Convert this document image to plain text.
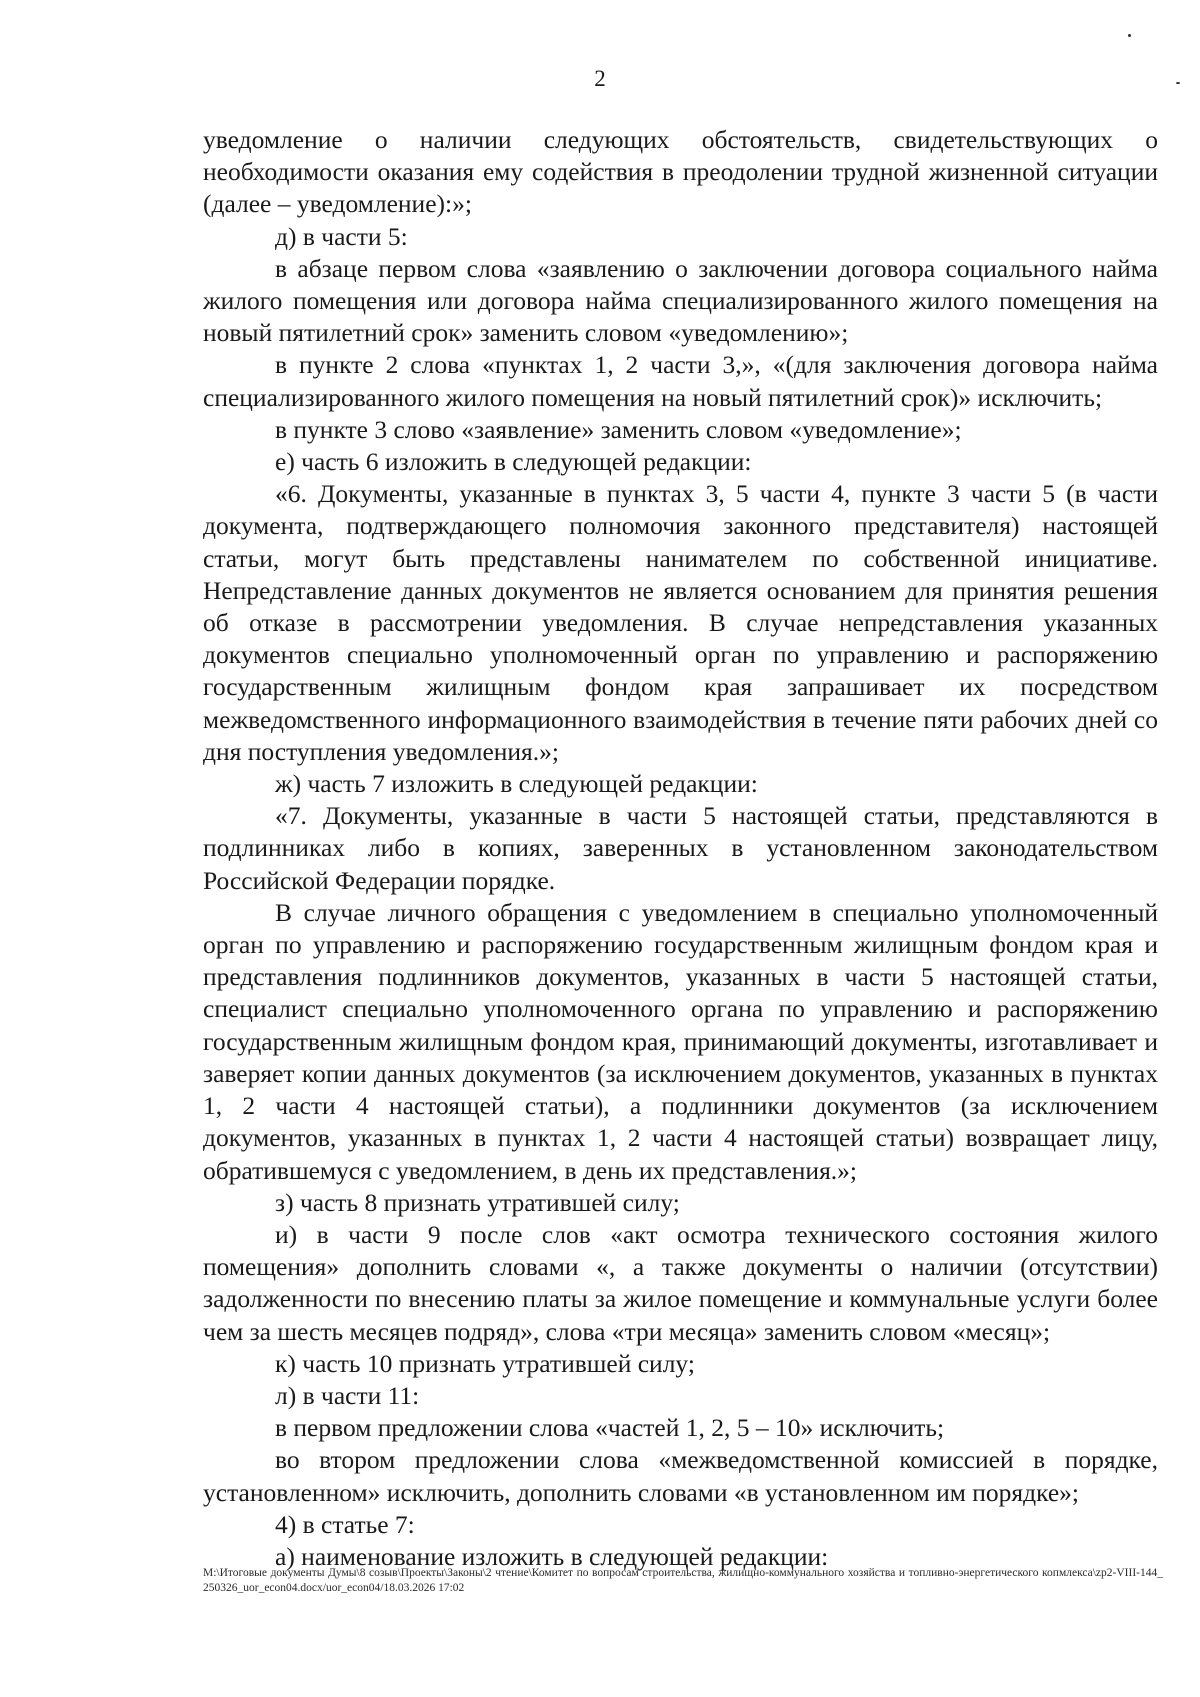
2

уведомление о наличии следующих обстоятельств, свидетельствующих о необходимости оказания ему содействия в преодолении трудной жизненной ситуации (далее – уведомление):»;

д) в части 5:

в абзаце первом слова «заявлению о заключении договора социального найма жилого помещения или договора найма специализированного жилого помещения на новый пятилетний срок» заменить словом «уведомлению»;

в пункте 2 слова «пунктах 1, 2 части 3,», «(для заключения договора найма специализированного жилого помещения на новый пятилетний срок)» исключить;

в пункте 3 слово «заявление» заменить словом «уведомление»;

е) часть 6 изложить в следующей редакции:

«6. Документы, указанные в пунктах 3, 5 части 4, пункте 3 части 5 (в части документа, подтверждающего полномочия законного представителя) настоящей статьи, могут быть представлены нанимателем по собственной инициативе. Непредставление данных документов не является основанием для принятия решения об отказе в рассмотрении уведомления. В случае непредставления указанных документов специально уполномоченный орган по управлению и распоряжению государственным жилищным фондом края запрашивает их посредством межведомственного информационного взаимодействия в течение пяти рабочих дней со дня поступления уведомления.»;

ж) часть 7 изложить в следующей редакции:

«7. Документы, указанные в части 5 настоящей статьи, представляются в подлинниках либо в копиях, заверенных в установленном законодательством Российской Федерации порядке.

В случае личного обращения с уведомлением в специально уполномоченный орган по управлению и распоряжению государственным жилищным фондом края и представления подлинников документов, указанных в части 5 настоящей статьи, специалист специально уполномоченного органа по управлению и распоряжению государственным жилищным фондом края, принимающий документы, изготавливает и заверяет копии данных документов (за исключением документов, указанных в пунктах 1, 2 части 4 настоящей статьи), а подлинники документов (за исключением документов, указанных в пунктах 1, 2 части 4 настоящей статьи) возвращает лицу, обратившемуся с уведомлением, в день их представления.»;

з) часть 8 признать утратившей силу;

и) в части 9 после слов «акт осмотра технического состояния жилого помещения» дополнить словами «, а также документы о наличии (отсутствии) задолженности по внесению платы за жилое помещение и коммунальные услуги более чем за шесть месяцев подряд», слова «три месяца» заменить словом «месяц»;

к) часть 10 признать утратившей силу;

л) в части 11:

в первом предложении слова «частей 1, 2, 5 – 10» исключить;

во втором предложении слова «межведомственной комиссией в порядке, установленном» исключить, дополнить словами «в установленном им порядке»;

4) в статье 7:

а) наименование изложить в следующей редакции:

M:\Итоговые документы Думы\8 созыв\Проекты\Законы\2 чтение\Комитет по вопросам строительства, жилищно-коммунального хозяйства и топливно-энергетического копмлекса\zp2-VIII-144_ 250326_uor_econ04.docx/uor_econ04/18.03.2026 17:02
